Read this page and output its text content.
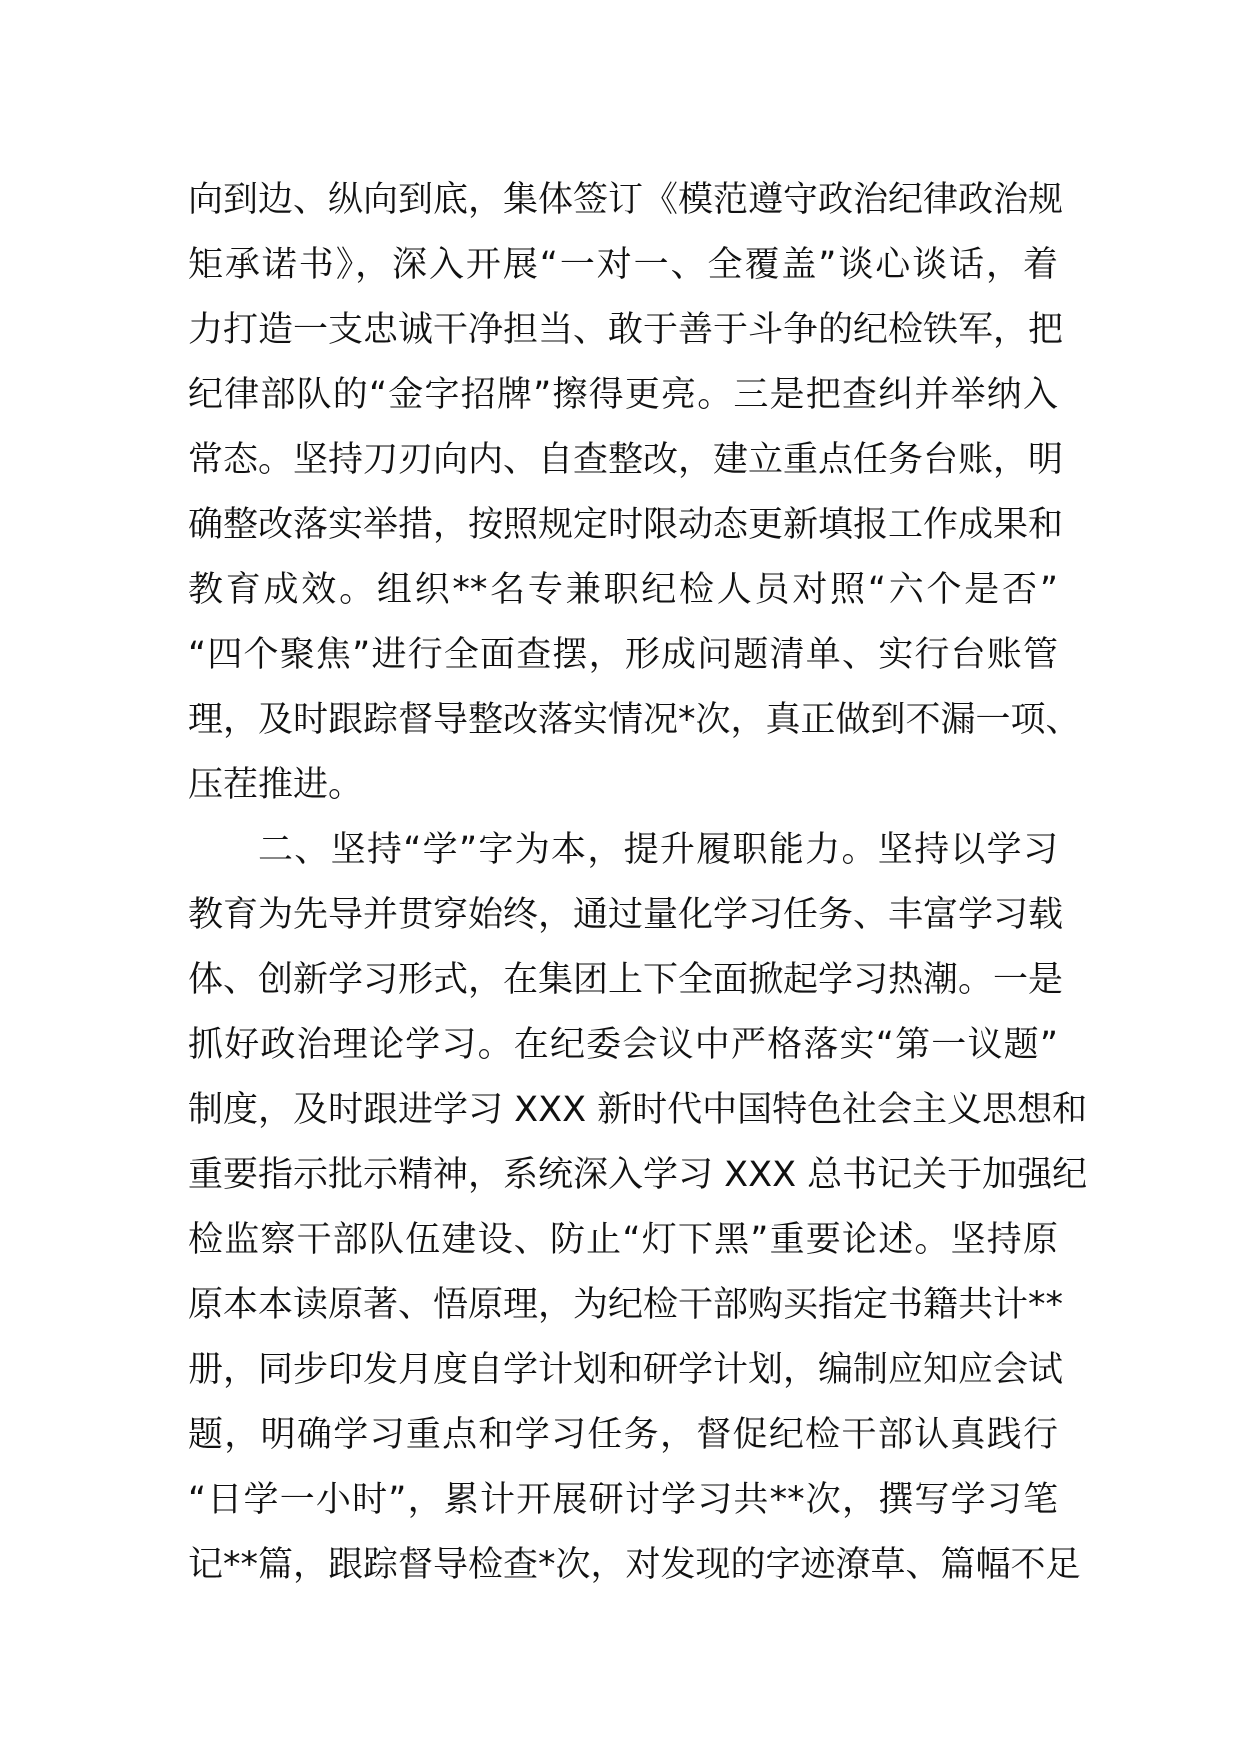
向到边、纵向到底，集体签订《模范遵守政治纪律政治规
矩承诺书》，深入开展“一对一、全覆盖”谈心谈话，着
力打造一支忠诚干净担当、敢于善于斗争的纪检铁军，把
纪律部队的“金字招牌”擦得更亮。三是把查纠并举纳入
常态。坚持刀刃向内、自查整改，建立重点任务台账，明
确整改落实举措，按照规定时限动态更新填报工作成果和
教育成效。组织**名专兼职纪检人员对照“六个是否”
“四个聚焦”进行全面查摆，形成问题清单、实行台账管
理，及时跟踪督导整改落实情况*次，真正做到不漏一项、
压茬推进。
二、坚持“学”字为本，提升履职能力。坚持以学习
教育为先导并贯穿始终，通过量化学习任务、丰富学习载
体、创新学习形式，在集团上下全面掀起学习热潮。一是
抓好政治理论学习。在纪委会议中严格落实“第一议题”
制度，及时跟进学习 XXX 新时代中国特色社会主义思想和
重要指示批示精神，系统深入学习 XXX 总书记关于加强纪
检监察干部队伍建设、防止“灯下黑”重要论述。坚持原
原本本读原著、悟原理，为纪检干部购买指定书籍共计**
册，同步印发月度自学计划和研学计划，编制应知应会试
题，明确学习重点和学习任务，督促纪检干部认真践行
“日学一小时”，累计开展研讨学习共**次，撰写学习笔
记**篇，跟踪督导检查*次，对发现的字迹潦草、篇幅不足
